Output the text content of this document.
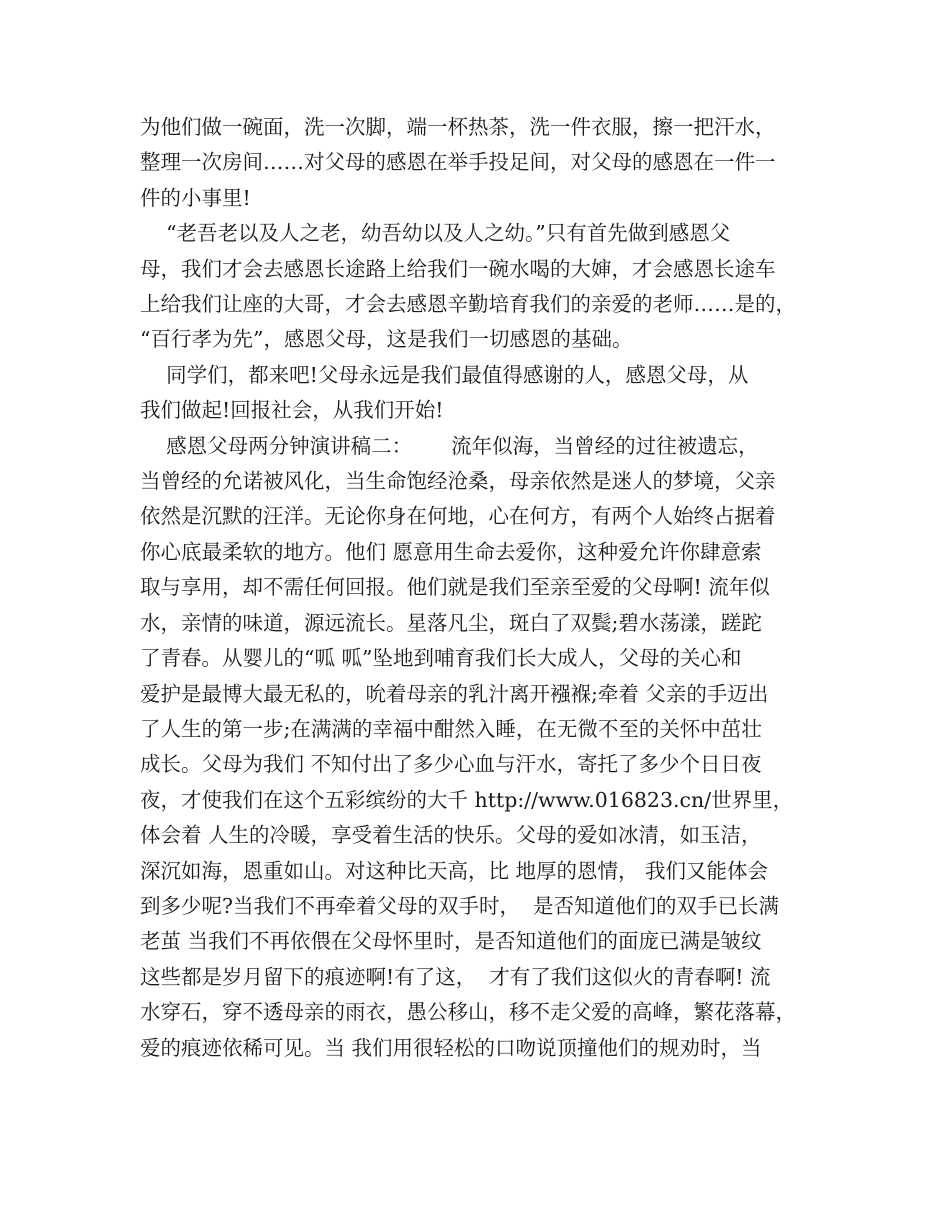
为他们做一碗面，洗一次脚，端一杯热茶，洗一件衣服，擦一把汗水，

整理一次房间……对父母的感恩在举手投足间，对父母的感恩在一件一

件的小事里!

“老吾老以及人之老，幼吾幼以及人之幼。”只有首先做到感恩父

母，我们才会去感恩长途路上给我们一碗水喝的大婶，才会感恩长途车

上给我们让座的大哥，才会去感恩辛勤培育我们的亲爱的老师……是的，

“百行孝为先”，感恩父母，这是我们一切感恩的基础。

同学们，都来吧!父母永远是我们最值得感谢的人，感恩父母，从

我们做起!回报社会，从我们开始!

感恩父母两分钟演讲稿二：      流年似海，当曾经的过往被遗忘，

当曾经的允诺被风化，当生命饱经沧桑，母亲依然是迷人的梦境，父亲

依然是沉默的汪洋。无论你身在何地，心在何方，有两个人始终占据着

你心底最柔软的地方。他们 愿意用生命去爱你，这种爱允许你肆意索

取与享用，却不需任何回报。他们就是我们至亲至爱的父母啊! 流年似

水，亲情的味道，源远流长。星落凡尘，斑白了双鬓;碧水荡漾，蹉跎

了青春。从婴儿的“呱 呱”坠地到哺育我们长大成人，父母的关心和

爱护是最博大最无私的，吮着母亲的乳汁离开襁褓;牵着 父亲的手迈出

了人生的第一步;在满满的幸福中酣然入睡，在无微不至的关怀中茁壮

成长。父母为我们 不知付出了多少心血与汗水，寄托了多少个日日夜

夜，才使我们在这个五彩缤纷的大千 http://www.016823.cn/世界里，

体会着 人生的冷暖，享受着生活的快乐。父母的爱如冰清，如玉洁，

深沉如海，恩重如山。对这种比天高，比 地厚的恩情， 我们又能体会

到多少呢?当我们不再牵着父母的双手时，  是否知道他们的双手已长满

老茧 当我们不再依偎在父母怀里时，是否知道他们的面庞已满是皱纹

这些都是岁月留下的痕迹啊!有了这，  才有了我们这似火的青春啊! 流

水穿石，穿不透母亲的雨衣，愚公移山，移不走父爱的高峰，繁花落幕，

爱的痕迹依稀可见。当 我们用很轻松的口吻说顶撞他们的规劝时，当
